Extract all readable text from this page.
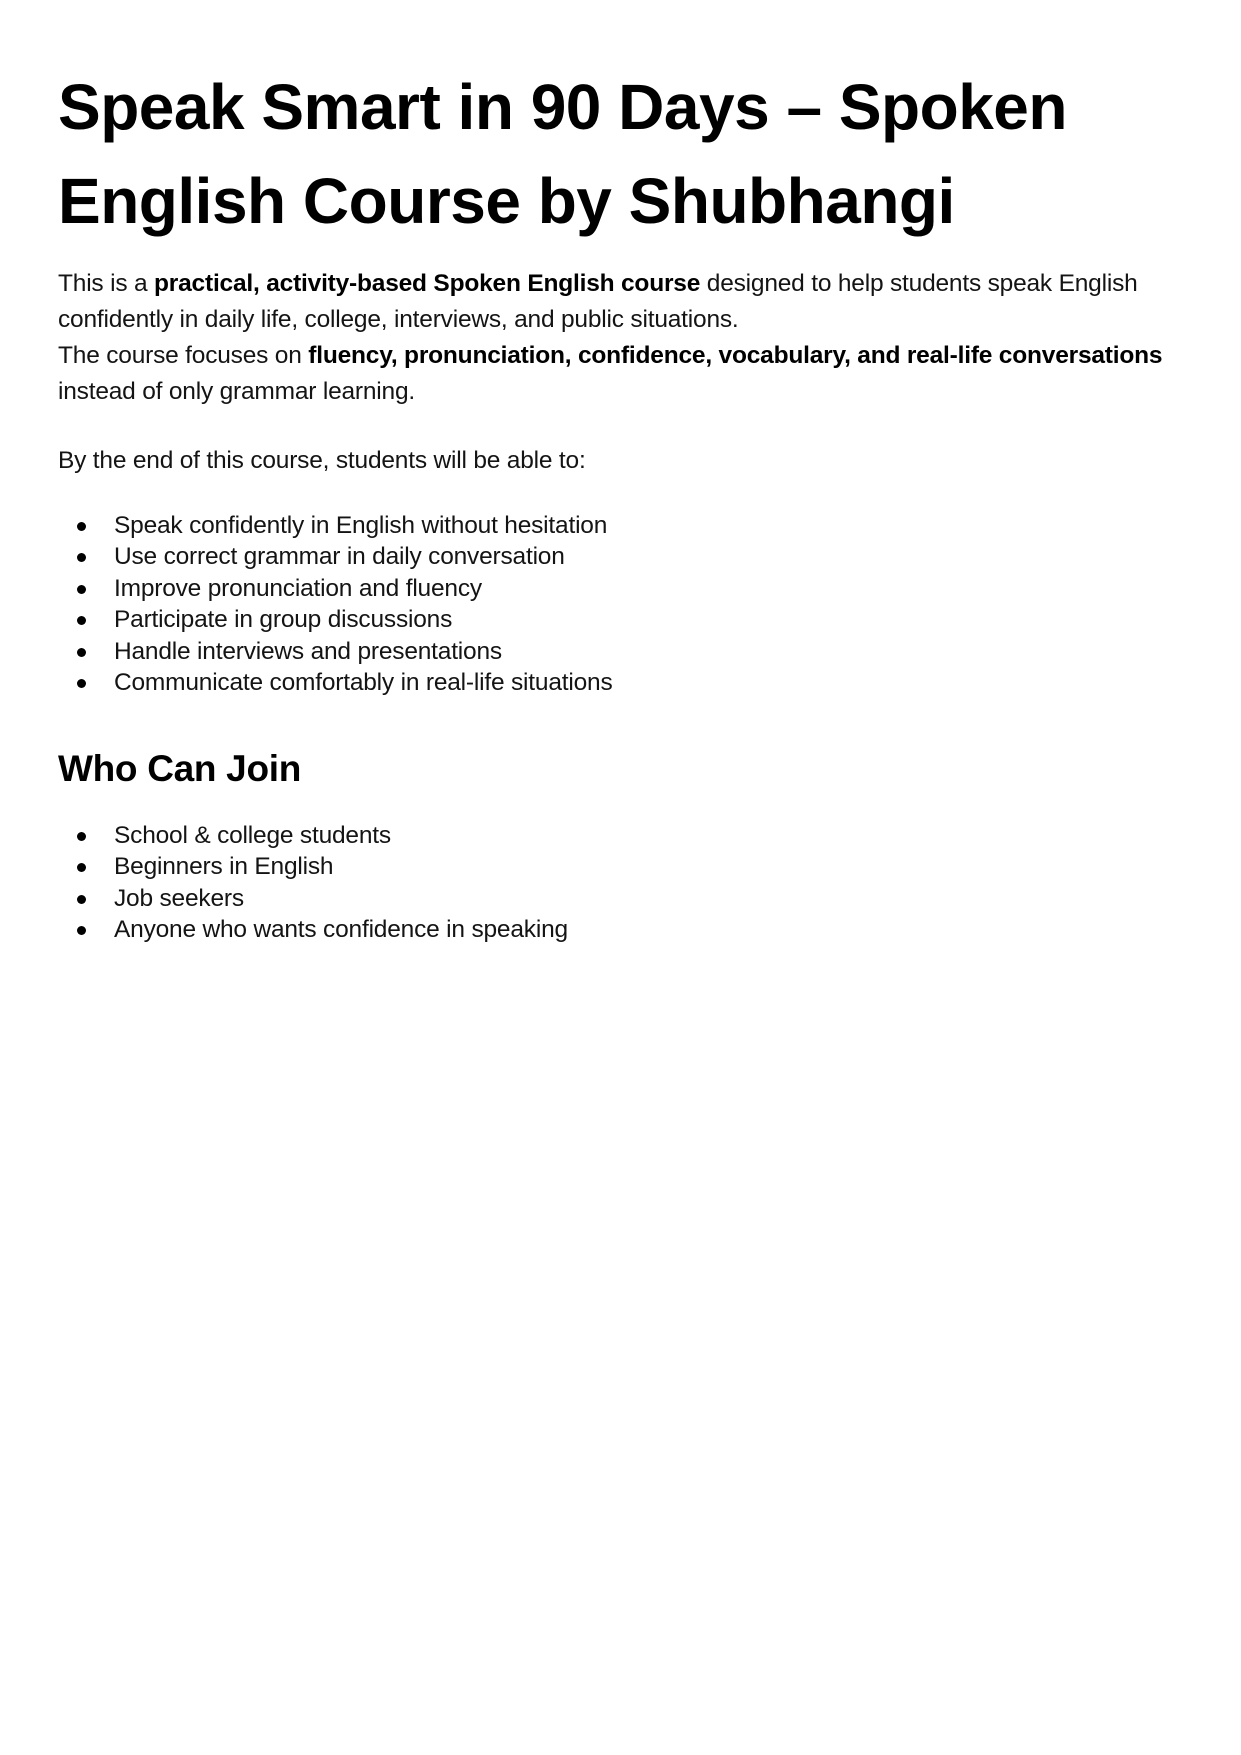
Speak Smart in 90 Days – Spoken
English Course by Shubhangi

This is a practical, activity-based Spoken English course designed to help students speak English confidently in daily life, college, interviews, and public situations.
The course focuses on fluency, pronunciation, confidence, vocabulary, and real-life conversations instead of only grammar learning.

By the end of this course, students will be able to:

Speak confidently in English without hesitation
Use correct grammar in daily conversation
Improve pronunciation and fluency
Participate in group discussions
Handle interviews and presentations
Communicate comfortably in real-life situations
Who Can Join
School & college students
Beginners in English
Job seekers
Anyone who wants confidence in speaking
